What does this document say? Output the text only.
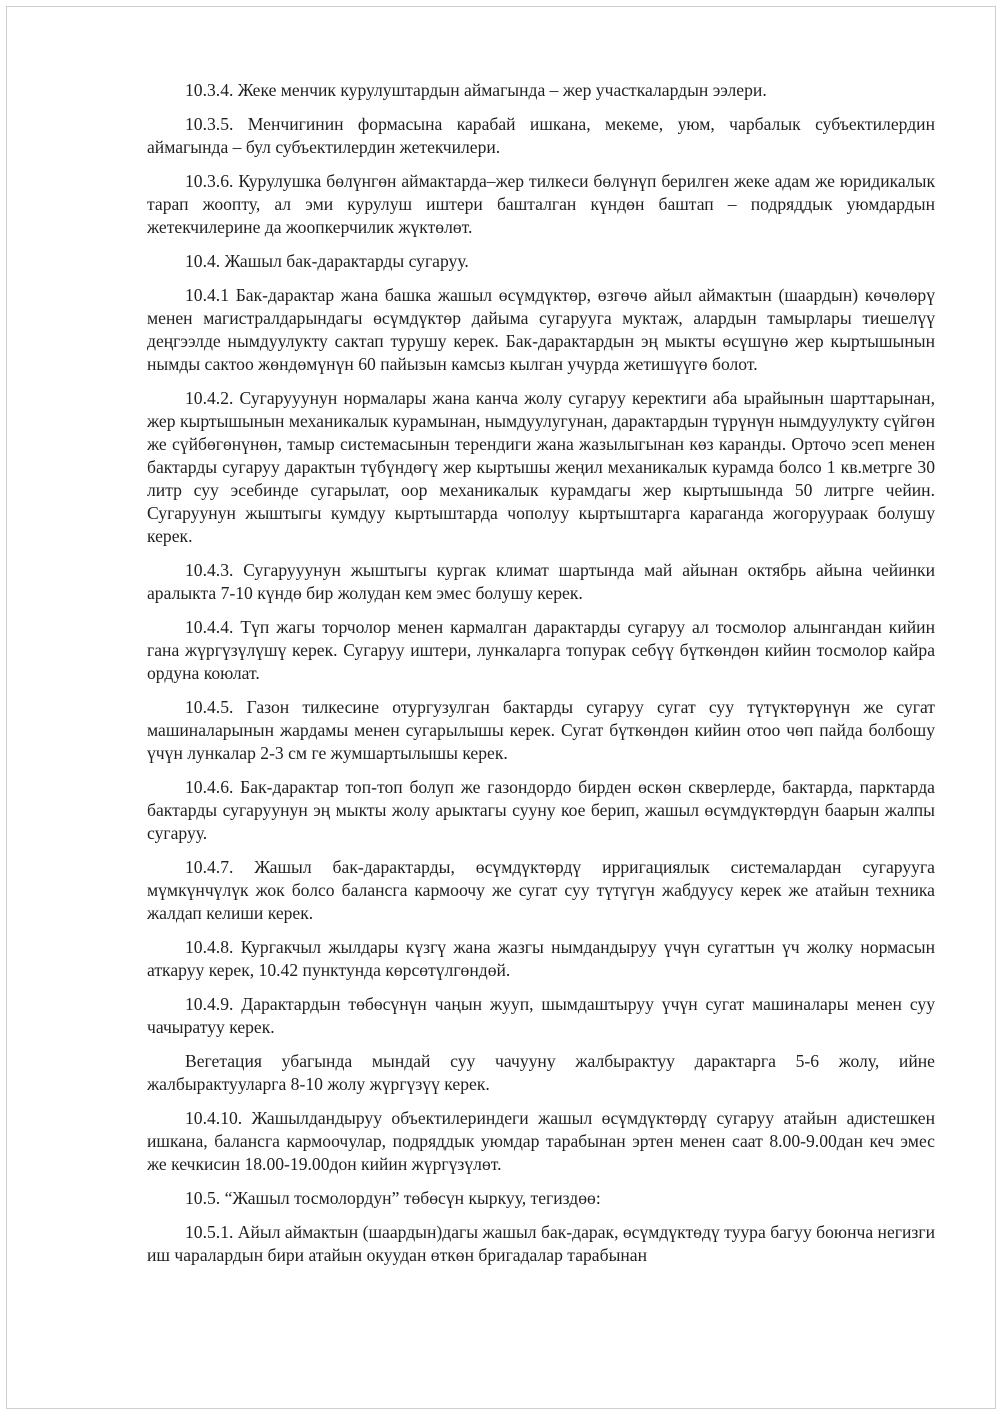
10.3.4. Жеке менчик курулуштардын аймагында – жер участкалардын ээлери.

10.3.5. Менчигинин формасына карабай ишкана, мекеме, уюм, чарбалык субъектилердин аймагында – бул субъектилердин жетекчилери.

10.3.6. Курулушка бөлүнгөн аймактарда–жер тилкеси бөлүнүп берилген жеке адам же юридикалык тарап жоопту, ал эми курулуш иштери башталган күндөн баштап – подряддык уюмдардын жетекчилерине да жоопкерчилик жүктөлөт.

10.4. Жашыл бак-дарактарды сугаруу.

10.4.1 Бак-дарактар жана башка жашыл өсүмдүктөр, өзгөчө айыл аймактын (шаардын) көчөлөрү менен магистралдарындагы өсүмдүктөр дайыма сугарууга муктаж, алардын тамырлары тиешелүү деңгээлде нымдуулукту сактап турушу керек. Бак-дарактардын эң мыкты өсүшүнө жер кыртышынын нымды сактоо жөндөмүнүн 60 пайызын камсыз кылган учурда жетишүүгө болот.

10.4.2. Сугарууунун нормалары жана канча жолу сугаруу керектиги аба ырайынын шарттарынан, жер кыртышынын механикалык курамынан, нымдуулугунан, дарактардын түрүнүн нымдуулукту сүйгөн же сүйбөгөнүнөн, тамыр системасынын терендиги жана жазылыгынан көз каранды. Орточо эсеп менен бактарды сугаруу дарактын түбүндөгү жер кыртышы жеңил механикалык курамда болсо 1 кв.метрге 30 литр суу эсебинде сугарылат, оор механикалык курамдагы жер кыртышында 50 литрге чейин. Сугаруунун жыштыгы кумдуу кыртыштарда чополуу кыртыштарга караганда жогоруураак болушу керек.

10.4.3. Сугарууунун жыштыгы кургак климат шартында май айынан октябрь айына чейинки аралыкта 7-10 күндө бир жолудан кем эмес болушу керек.

10.4.4. Түп жагы торчолор менен кармалган дарактарды сугаруу ал тосмолор алынгандан кийин гана жүргүзүлүшү керек. Сугаруу иштери, лункаларга топурак себүү бүткөндөн кийин тосмолор кайра ордуна коюлат.

10.4.5. Газон тилкесине отургузулган бактарды сугаруу сугат суу түтүктөрүнүн же сугат машиналарынын жардамы менен сугарылышы керек. Сугат бүткөндөн кийин отоо чөп пайда болбошу үчүн лункалар 2-3 см ге жумшартылышы керек.

10.4.6. Бак-дарактар топ-топ болуп же газондордо бирден өскөн скверлерде, бактарда, парктарда бактарды сугаруунун эң мыкты жолу арыктагы сууну кое берип, жашыл өсүмдүктөрдүн баарын жалпы сугаруу.

10.4.7. Жашыл бак-дарактарды, өсүмдүктөрдү ирригациялык системалардан сугарууга мүмкүнчүлүк жок болсо балансга кармоочу же сугат суу түтүгүн жабдуусу керек же атайын техника жалдап келиши керек.

10.4.8. Кургакчыл жылдары күзгү жана жазгы нымдандыруу үчүн сугаттын үч жолку нормасын аткаруу керек, 10.42 пунктунда көрсөтүлгөндөй.

10.4.9. Дарактардын төбөсүнүн чаңын жууп, шымдаштыруу үчүн сугат машиналары менен суу чачыратуу керек.

Вегетация убагында мындай суу чачууну жалбырактуу дарактарга 5-6 жолу, ийне жалбырактууларга 8-10 жолу жүргүзүү керек.

10.4.10. Жашылдандыруу объектилериндеги жашыл өсүмдүктөрдү сугаруу атайын адистешкен ишкана, балансга кармоочулар, подряддык уюмдар тарабынан эртен менен саат 8.00-9.00дан кеч эмес же кечкисин 18.00-19.00дон кийин жүргүзүлөт.

10.5. “Жашыл тосмолордун” төбөсүн кыркуу, тегиздөө:

10.5.1. Айыл аймактын (шаардын)дагы жашыл бак-дарак, өсүмдүктөдү туура багуу боюнча негизги иш чаралардын бири атайын окуудан өткөн бригадалар тарабынан
